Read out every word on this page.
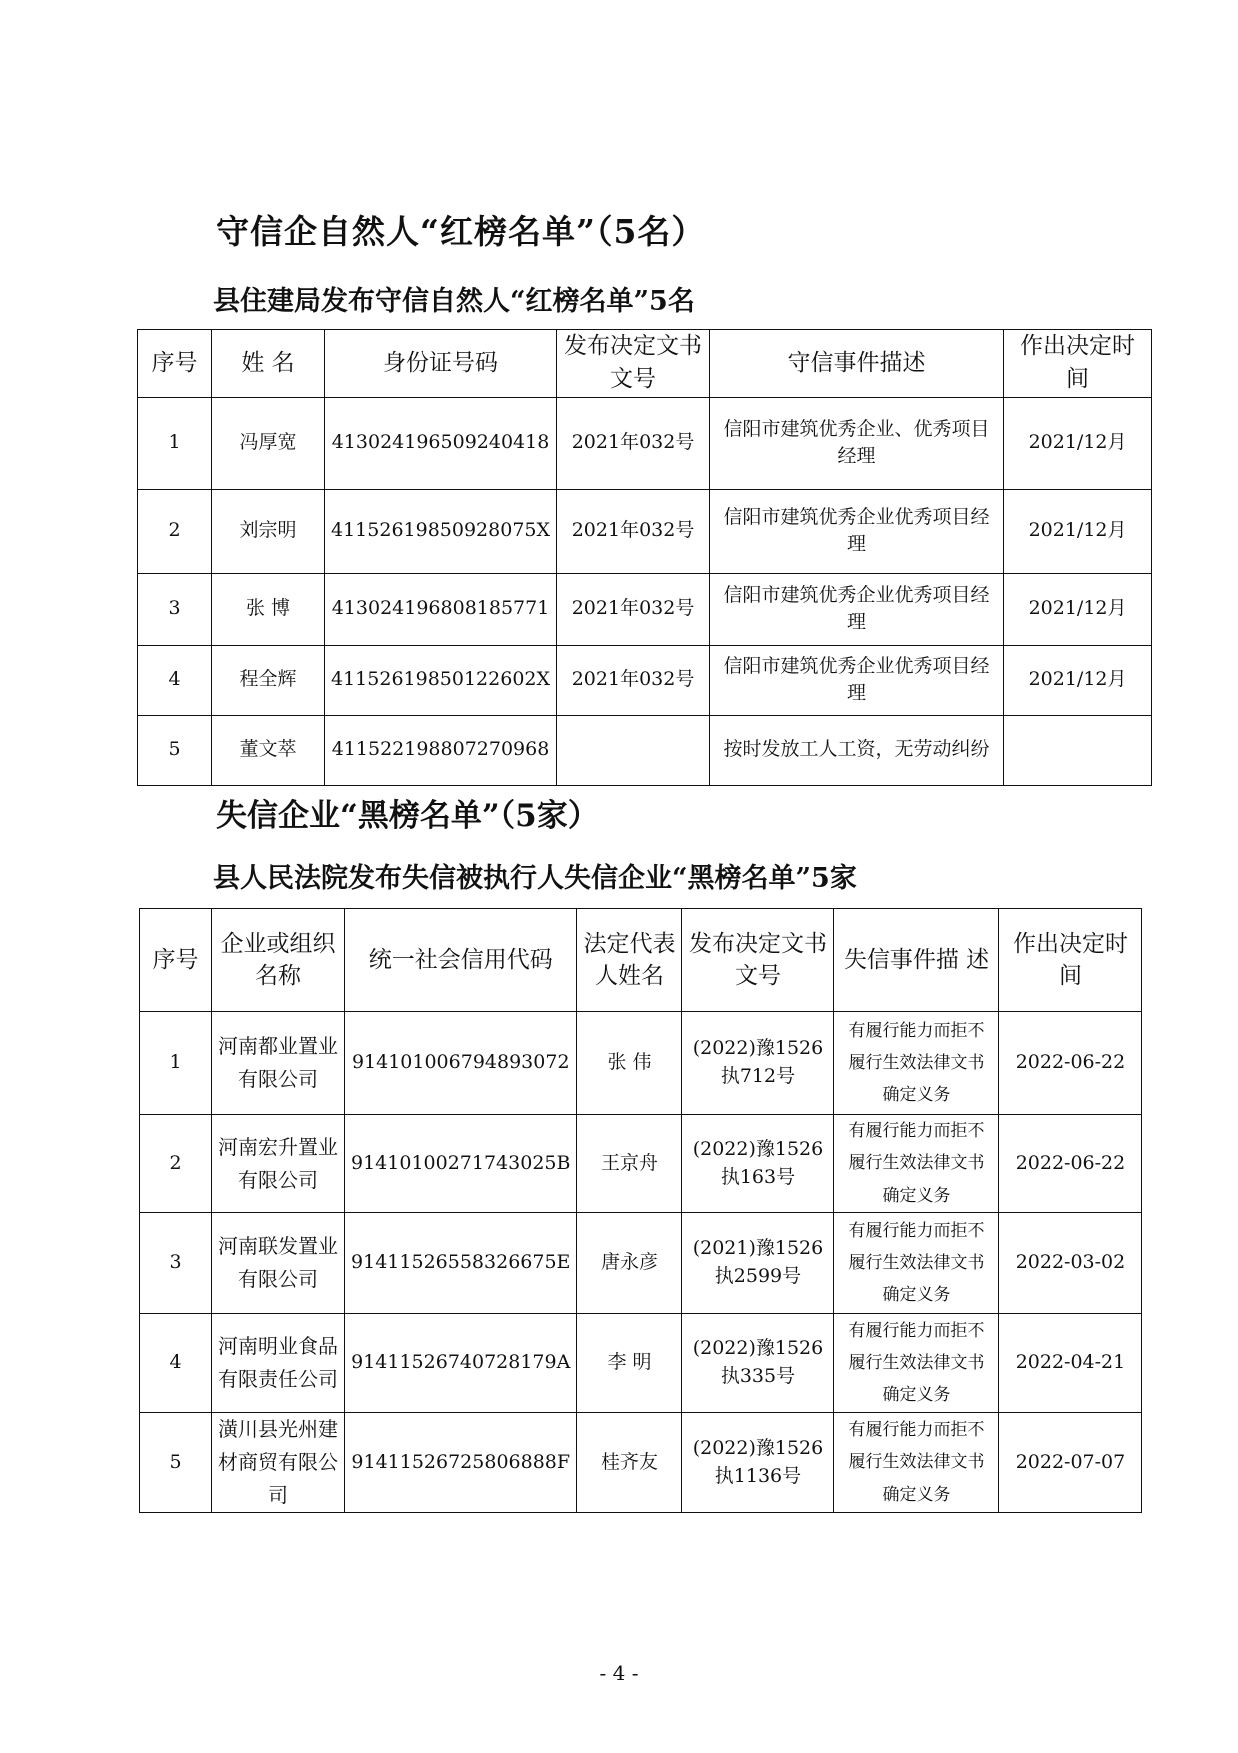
守信企自然人“红榜名单”（5名）
县住建局发布守信自然人“红榜名单”5名
序号	姓 名	身份证号码	发布决定文书文号	守信事件描述	作出决定时 间
1	冯厚宽	413024196509240418	2021年032号	信阳市建筑优秀企业、优秀项目经理	2021/12月
2	刘宗明	41152619850928075X	2021年032号	信阳市建筑优秀企业优秀项目经理	2021/12月
3	张 博	413024196808185771	2021年032号	信阳市建筑优秀企业优秀项目经理	2021/12月
4	程全辉	41152619850122602X	2021年032号	信阳市建筑优秀企业优秀项目经理	2021/12月
5	董文萃	411522198807270968		按时发放工人工资，无劳动纠纷	
失信企业“黑榜名单”（5家）
县人民法院发布失信被执行人失信企业“黑榜名单”5家
序号	企业或组织名称	统一社会信用代码	法定代表人姓名	发布决定文书文号	失信事件描 述	作出决定时 间
1	河南都业置业有限公司	914101006794893072	张 伟	(2022)豫1526执712号	有履行能力而拒不履行生效法律文书确定义务	2022-06-22
2	河南宏升置业有限公司	91410100271743025B	王京舟	(2022)豫1526执163号	有履行能力而拒不履行生效法律文书确定义务	2022-06-22
3	河南联发置业有限公司	91411526558326675E	唐永彦	(2021)豫1526执2599号	有履行能力而拒不履行生效法律文书确定义务	2022-03-02
4	河南明业食品有限责任公司	91411526740728179A	李 明	(2022)豫1526执335号	有履行能力而拒不履行生效法律文书确定义务	2022-04-21
5	潢川县光州建材商贸有限公司	91411526725806888F	桂齐友	(2022)豫1526执1136号	有履行能力而拒不履行生效法律文书确定义务	2022-07-07
- 4 -
